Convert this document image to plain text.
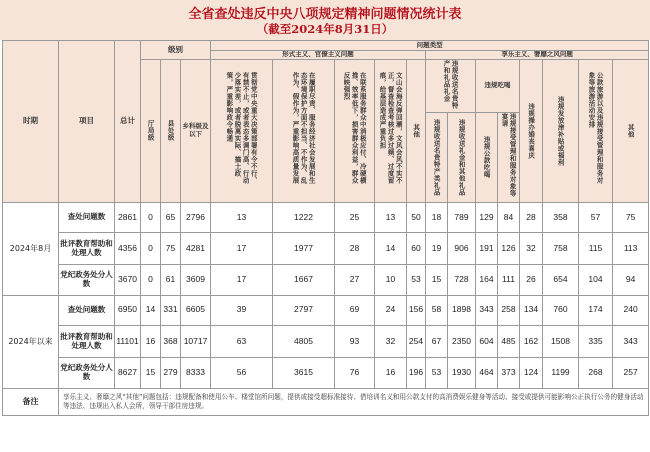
全省查处违反中央八项规定精神问题情况统计表
（截至2024年8月31日）
时期	项目	总计	级别			问题类型												
						形式主义、官僚主义问题					享乐主义、奢靡之风问题							

			厅局级	县处级	乡科级及以下	贯彻党中央重大决策部署有令不行、有禁不止，或者表态多调门高、行动少落实差，或者脱离实际、搞土政策，严重影响政令畅通	在履职尽责、服务经济社会发展和生态环境保护方面不担当、不作为、乱作为、假作为，严重影响高质量发展	在联系服务群众中消极应付、冷硬横推、效率低下，损害群众利益，群众反映强烈	文山会海反弹回潮，文风会风不实不正，督查检查考核过多过频、过度留痕，给基层造成严重负担	其他	违规收送名贵特产和礼品礼金		违规吃喝		违规操办婚丧喜庆	违规发放津补贴或福利	公款旅游以及违规接受管理和服务对象等旅游活动安排	其他

											违规收送名贵特产类礼品	违规收送礼金和其他礼品	违规公款吃喝	违规接受管理和服务对象等宴请				

2024年8月	查处问题数	2861	0	65	2796	13	1222	25	13	50	18	789	129	84	28	358	57	75
	批评教育帮助和处理人数	4356	0	75	4281	17	1977	28	14	60	19	906	191	126	32	758	115	113
	党纪政务处分人数	3670	0	61	3609	17	1667	27	10	53	15	728	164	111	26	654	104	94
2024年以来	查处问题数	6950	14	331	6605	39	2797	69	24	156	58	1898	343	258	134	760	174	240
	批评教育帮助和处理人数	11101	16	368	10717	63	4805	93	32	254	67	2350	604	485	162	1508	335	343
	党纪政务处分人数	8627	15	279	8333	56	3615	76	16	196	53	1930	464	373	124	1199	268	257
备注	享乐主义、奢靡之风“其他”问题包括：违规配备和使用公车、楼堂馆所问题，提供或接受超标准接待、借培训名义和用公款支付的高消费娱乐健身等活动、接受或提供可能影响公正执行公务的健身活动等违法、违规出入私人会所，领导干部住房违规。																	
